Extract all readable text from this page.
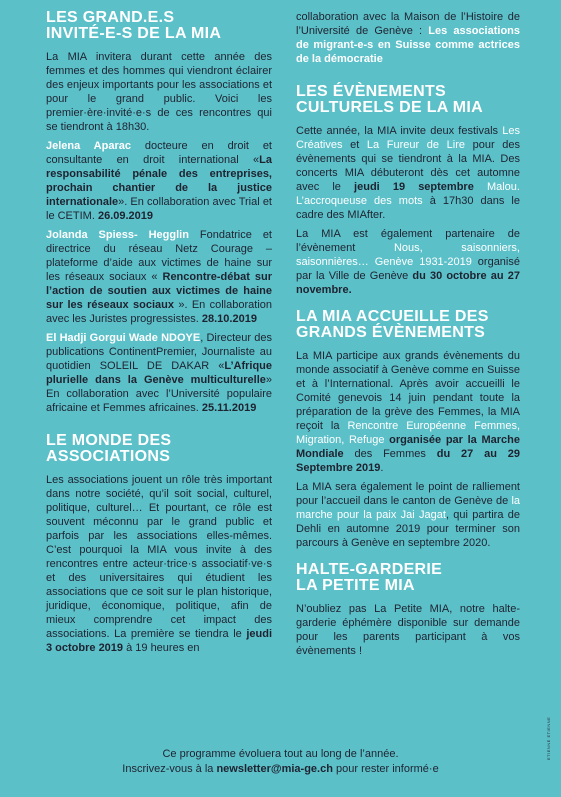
LES GRAND.E.S
INVITÉ-E-S DE LA MIA

La MIA invitera durant cette année des femmes et des hommes qui viendront éclairer des enjeux importants pour les associations et pour le grand public. Voici les premier·ère·invité·e·s de ces rencontres qui se tiendront à 18h30.

Jelena Aparac docteure en droit et consultante en droit international «La responsabilité pénale des entreprises, prochain chantier de la justice internationale». En collaboration avec Trial et le CETIM. 26.09.2019

Jolanda Spiess- Hegglin Fondatrice et directrice du réseau Netz Courage –plateforme d’aide aux victimes de haine sur les réseaux sociaux « Rencontre-débat sur l’action de soutien aux victimes de haine sur les réseaux sociaux ». En collaboration avec les Juristes progressistes. 28.10.2019

El Hadji Gorgui Wade NDOYE, Directeur des publications ContinentPremier, Journaliste au quotidien SOLEIL DE DAKAR «L’Afrique plurielle dans la Genève multiculturelle» En collaboration avec l’Université populaire africaine et Femmes africaines. 25.11.2019

LE MONDE DES
ASSOCIATIONS

Les associations jouent un rôle très important dans notre société, qu’il soit social, culturel, politique, culturel… Et pourtant, ce rôle est souvent méconnu par le grand public et parfois par les associations elles-mêmes. C’est pourquoi la MIA vous invite à des rencontres entre acteur·trice·s associatif·ve·s et des universitaires qui étudient les associations que ce soit sur le plan historique, juridique, économique, politique, afin de mieux comprendre cet impact des associations. La première se tiendra le jeudi 3 octobre 2019 à 19 heures en

collaboration avec la Maison de l’Histoire de l’Université de Genève : Les associations de migrant-e-s en Suisse comme actrices de la démocratie

LES ÉVÈNEMENTS
CULTURELS DE LA MIA

Cette année, la MIA invite deux festivals Les Créatives et La Fureur de Lire pour des évènements qui se tiendront à la MIA. Des concerts MIA débuteront dès cet automne avec le jeudi 19 septembre Malou. L’accroqueuse des mots à 17h30 dans le cadre des MIAfter.

La MIA est également partenaire de l’évènement Nous, saisonniers, saisonnières… Genève 1931-2019 organisé par la Ville de Genève du 30 octobre au 27 novembre.

LA MIA ACCUEILLE DES
GRANDS ÉVÈNEMENTS

La MIA participe aux grands évènements du monde associatif à Genève comme en Suisse et à l’International. Après avoir accueilli le Comité genevois 14 juin pendant toute la préparation de la grève des Femmes, la MIA reçoit la Rencontre Européenne Femmes, Migration, Refuge organisée par la Marche Mondiale des Femmes du 27 au 29 Septembre 2019.

La MIA sera également le point de ralliement pour l’accueil dans le canton de Genève de la marche pour la paix Jai Jagat, qui partira de Dehli en automne 2019 pour terminer son parcours à Genève en septembre 2020.

HALTE-GARDERIE
LA PETITE MIA

N’oubliez pas La Petite MIA, notre halte-garderie éphémère disponible sur demande pour les parents participant à vos évènements !

Ce programme évoluera tout au long de l’année.
Inscrivez-vous à la newsletter@mia-ge.ch pour rester informé·e
ETIENNE ETIENNE
